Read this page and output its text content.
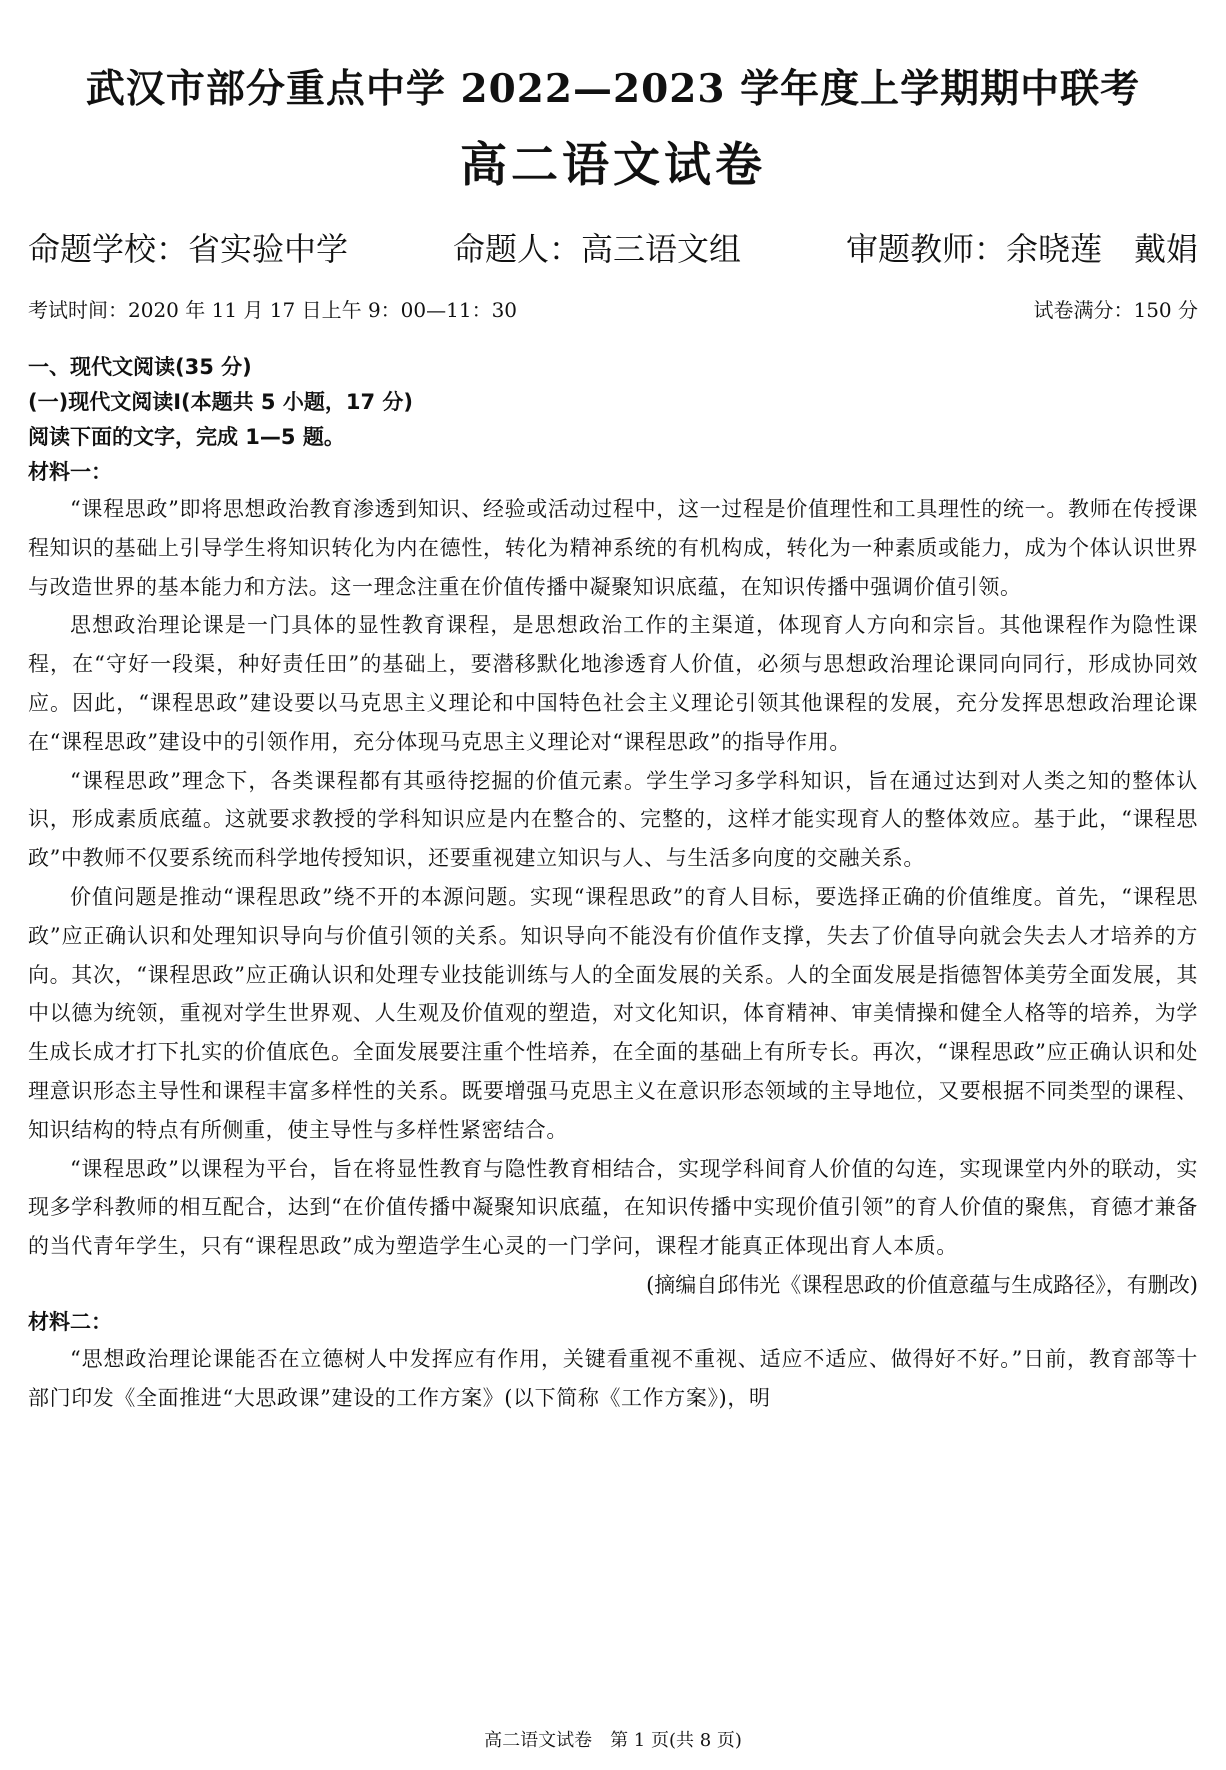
武汉市部分重点中学 2022—2023 学年度上学期期中联考
高二语文试卷
命题学校：省实验中学	命题人：高三语文组	审题教师：余晓莲　戴娟
考试时间：2020 年 11 月 17 日上午 9：00—11：30	试卷满分：150 分
一、现代文阅读(35 分)
(一)现代文阅读Ⅰ(本题共 5 小题，17 分)
阅读下面的文字，完成 1—5 题。
材料一：

“课程思政”即将思想政治教育渗透到知识、经验或活动过程中，这一过程是价值理性和工具理性的统一。教师在传授课程知识的基础上引导学生将知识转化为内在德性，转化为精神系统的有机构成，转化为一种素质或能力，成为个体认识世界与改造世界的基本能力和方法。这一理念注重在价值传播中凝聚知识底蕴，在知识传播中强调价值引领。

思想政治理论课是一门具体的显性教育课程，是思想政治工作的主渠道，体现育人方向和宗旨。其他课程作为隐性课程，在“守好一段渠，种好责任田”的基础上，要潜移默化地渗透育人价值，必须与思想政治理论课同向同行，形成协同效应。因此，“课程思政”建设要以马克思主义理论和中国特色社会主义理论引领其他课程的发展，充分发挥思想政治理论课在“课程思政”建设中的引领作用，充分体现马克思主义理论对“课程思政”的指导作用。

“课程思政”理念下，各类课程都有其亟待挖掘的价值元素。学生学习多学科知识，旨在通过达到对人类之知的整体认识，形成素质底蕴。这就要求教授的学科知识应是内在整合的、完整的，这样才能实现育人的整体效应。基于此，“课程思政”中教师不仅要系统而科学地传授知识，还要重视建立知识与人、与生活多向度的交融关系。

价值问题是推动“课程思政”绕不开的本源问题。实现“课程思政”的育人目标，要选择正确的价值维度。首先，“课程思政”应正确认识和处理知识导向与价值引领的关系。知识导向不能没有价值作支撑，失去了价值导向就会失去人才培养的方向。其次，“课程思政”应正确认识和处理专业技能训练与人的全面发展的关系。人的全面发展是指德智体美劳全面发展，其中以德为统领，重视对学生世界观、人生观及价值观的塑造，对文化知识，体育精神、审美情操和健全人格等的培养，为学生成长成才打下扎实的价值底色。全面发展要注重个性培养，在全面的基础上有所专长。再次，“课程思政”应正确认识和处理意识形态主导性和课程丰富多样性的关系。既要增强马克思主义在意识形态领域的主导地位，又要根据不同类型的课程、知识结构的特点有所侧重，使主导性与多样性紧密结合。

“课程思政”以课程为平台，旨在将显性教育与隐性教育相结合，实现学科间育人价值的勾连，实现课堂内外的联动，实现多学科教师的相互配合，达到“在价值传播中凝聚知识底蕴，在知识传播中实现价值引领”的育人价值的聚焦，育德才兼备的当代青年学生，只有“课程思政”成为塑造学生心灵的一门学问，课程才能真正体现出育人本质。

(摘编自邱伟光《课程思政的价值意蕴与生成路径》，有删改)

材料二：

“思想政治理论课能否在立德树人中发挥应有作用，关键看重视不重视、适应不适应、做得好不好。”日前，教育部等十部门印发《全面推进“大思政课”建设的工作方案》(以下简称《工作方案》)，明

高二语文试卷　第 1 页(共 8 页)
